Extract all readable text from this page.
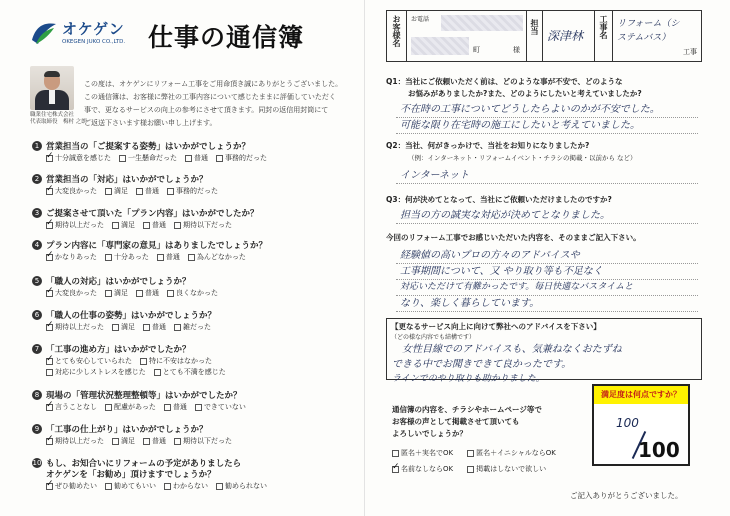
オケゲン
OKEGEN JUKO CO.,LTD. 仕事の通信簿
職業住宅株式会社
代表取締役　梅村 之朗
この度は、オケゲンにリフォーム工事をご用命頂き誠にありがとうございました。
この通信簿は、お客様に弊社の工事内容について感じたままに評価していただく
事で、更なるサービスの向上の参考にさせて頂きます。同封の返信用封筒にて
ご返送下さいます様お願い申し上げます。
1 営業担当の「ご提案する姿勢」はいかがでしょうか？
✓
十分誠意を感じた 一生懸命だった 普通 事務的だった
2 営業担当の「対応」はいかがでしょうか？
✓
大変良かった 満足 普通 事務的だった
3 ご提案させて頂いた「プラン内容」はいかがでしたか？
✓
期待以上だった 満足 普通 期待以下だった
4 プラン内容に「専門家の意見」はありましたでしょうか？
✓
かなりあった 十分あった 普通 為んどなかった
5 「職人の対応」はいかがでしょうか？
✓
大変良かった 満足 普通 良くなかった
6 「職人の仕事の姿勢」はいかがでしょうか？
✓
期待以上だった 満足 普通 雑だった
7 「工事の進め方」はいかがでしたか？
✓
とても安心していられた 特に不安はなかった
対応に少しストレスを感じた とても不満を感じた
8 現場の「管理状況整理整頓等」はいかがでしたか？
✓
言うことなし 配慮があった 普通 できていない
9 「工事の仕上がり」はいかがでしょうか？
✓
期待以上だった 満足 普通 期待以下だった
10 もし、お知合いにリフォームの予定がありましたら
オケゲンを「お勧め」頂けますでしょうか？
✓
ぜひ勧めたい 勧めてもいい わからない 勧められない
お客様名 お電話
町	様
担当
深津林 工事名 リフォーム（システムバス）
工事
Q1：当社にご依頼いただく前は、どのような事が不安で、どのような
お悩みがありましたか?また、どのようにしたいと考えていましたか?
不在時の工事についてどうしたらよいのかが不安でした。
可能な限り在宅時の施工にしたいと考えていました。
Q2：当社、何がきっかけで、当社をお知りになりましたか?
（例：インターネット・リフォームイベント・チラシの掲載・以前から など）
インターネット
Q3：何が決めてとなって、当社にご依頼いただけましたのですか?
担当の方の誠実な対応が決めてとなりました。
今回のリフォーム工事でお感じいただいた内容を、そのままご記入下さい。
経験値の高いプロの方々のアドバイスや
工事期間について、又 やり取り等も不足なく
対応いただけて有難かったです。毎日快適なバスタイムと
なり、楽しく暮らしています。
【更なるサービス向上に向けて弊社へのアドバイスを下さい】
（どの様な内容でも結構です）
女性目線でのアドバイスも、気兼ねなくおたずね
できる中でお聞きできて良かったです。
ラインでのやり取りも助かりました。
満足度は何点ですか？
100
100
通信簿の内容を、チラシやホームページ等で
お客様の声として掲載させて頂いても
よろしいでしょうか？
匿名＋実名でOK	匿名＋イニシャルならOK
✓
名前なしならOK	掲載はしないで欲しい
ご記入ありがとうございました。
